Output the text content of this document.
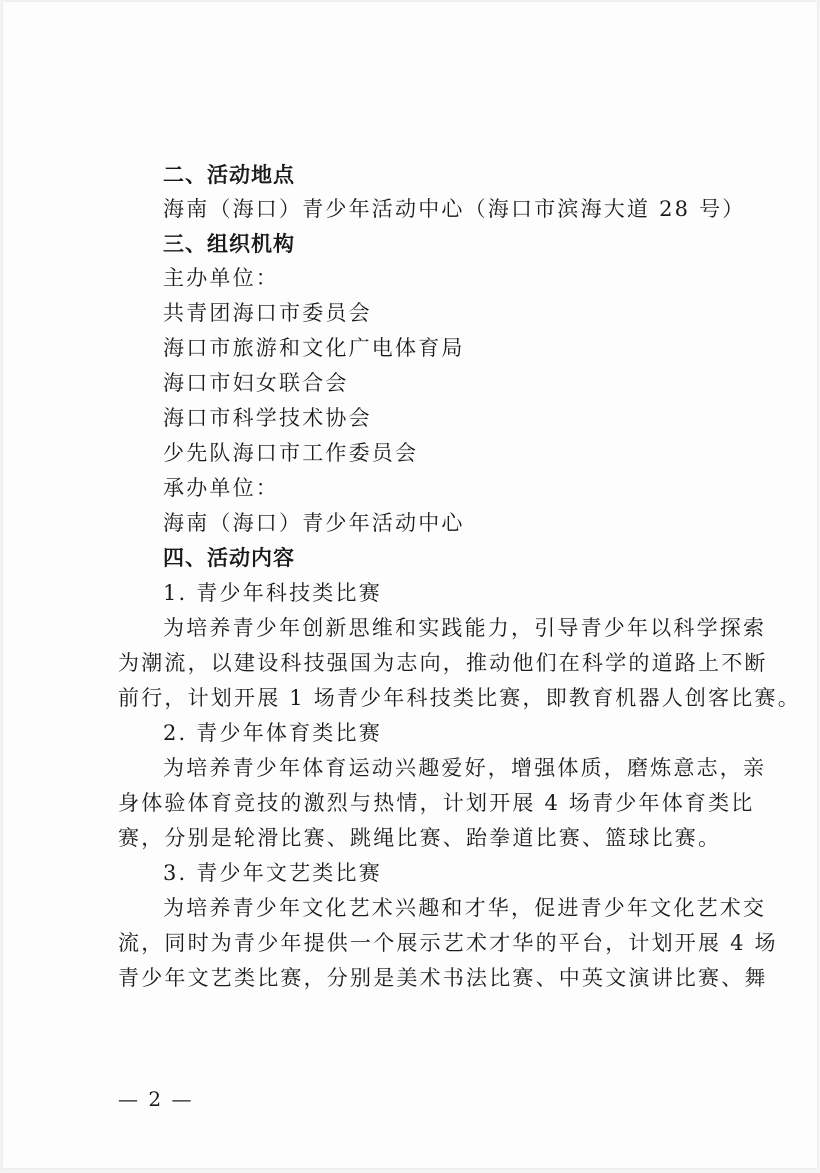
二、活动地点
海南（海口）青少年活动中心（海口市滨海大道 28 号）
三、组织机构
主办单位：
共青团海口市委员会
海口市旅游和文化广电体育局
海口市妇女联合会
海口市科学技术协会
少先队海口市工作委员会
承办单位：
海南（海口）青少年活动中心
四、活动内容
1. 青少年科技类比赛
为培养青少年创新思维和实践能力，引导青少年以科学探索
为潮流，以建设科技强国为志向，推动他们在科学的道路上不断
前行，计划开展 1 场青少年科技类比赛，即教育机器人创客比赛。
2. 青少年体育类比赛
为培养青少年体育运动兴趣爱好，增强体质，磨炼意志，亲
身体验体育竞技的激烈与热情，计划开展 4 场青少年体育类比
赛，分别是轮滑比赛、跳绳比赛、跆拳道比赛、篮球比赛。
3. 青少年文艺类比赛
为培养青少年文化艺术兴趣和才华，促进青少年文化艺术交
流，同时为青少年提供一个展示艺术才华的平台，计划开展 4 场
青少年文艺类比赛，分别是美术书法比赛、中英文演讲比赛、舞
— 2 —
